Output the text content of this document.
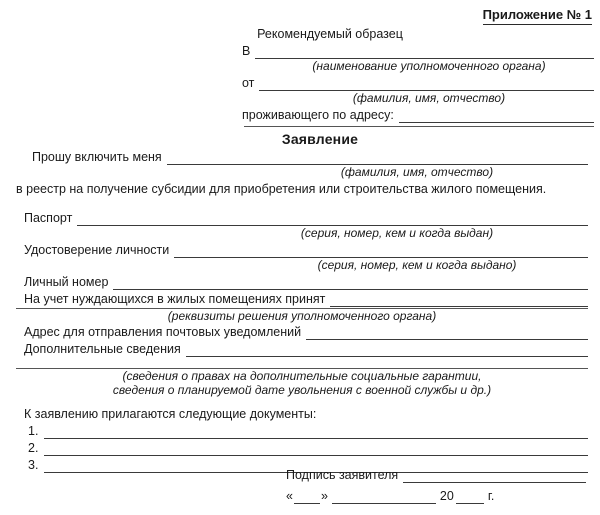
Приложение № 1
Рекомендуемый образец
В
(наименование уполномоченного органа)
от
(фамилия, имя, отчество)
проживающего по адресу:
Заявление
Прошу включить меня
(фамилия, имя, отчество)
в реестр на получение субсидии для приобретения или строительства жилого помещения.
Паспорт
(серия, номер, кем и когда выдан)
Удостоверение личности
(серия, номер, кем и когда выдано)
Личный номер
На учет нуждающихся в жилых помещениях принят
(реквизиты решения уполномоченного органа)
Адрес для отправления почтовых уведомлений
Дополнительные сведения
(сведения о правах на дополнительные социальные гарантии,
сведения о планируемой дате увольнения с военной службы и др.)
К заявлению прилагаются следующие документы:
1.
2.
3.
Подпись заявителя
« »	20	г.
